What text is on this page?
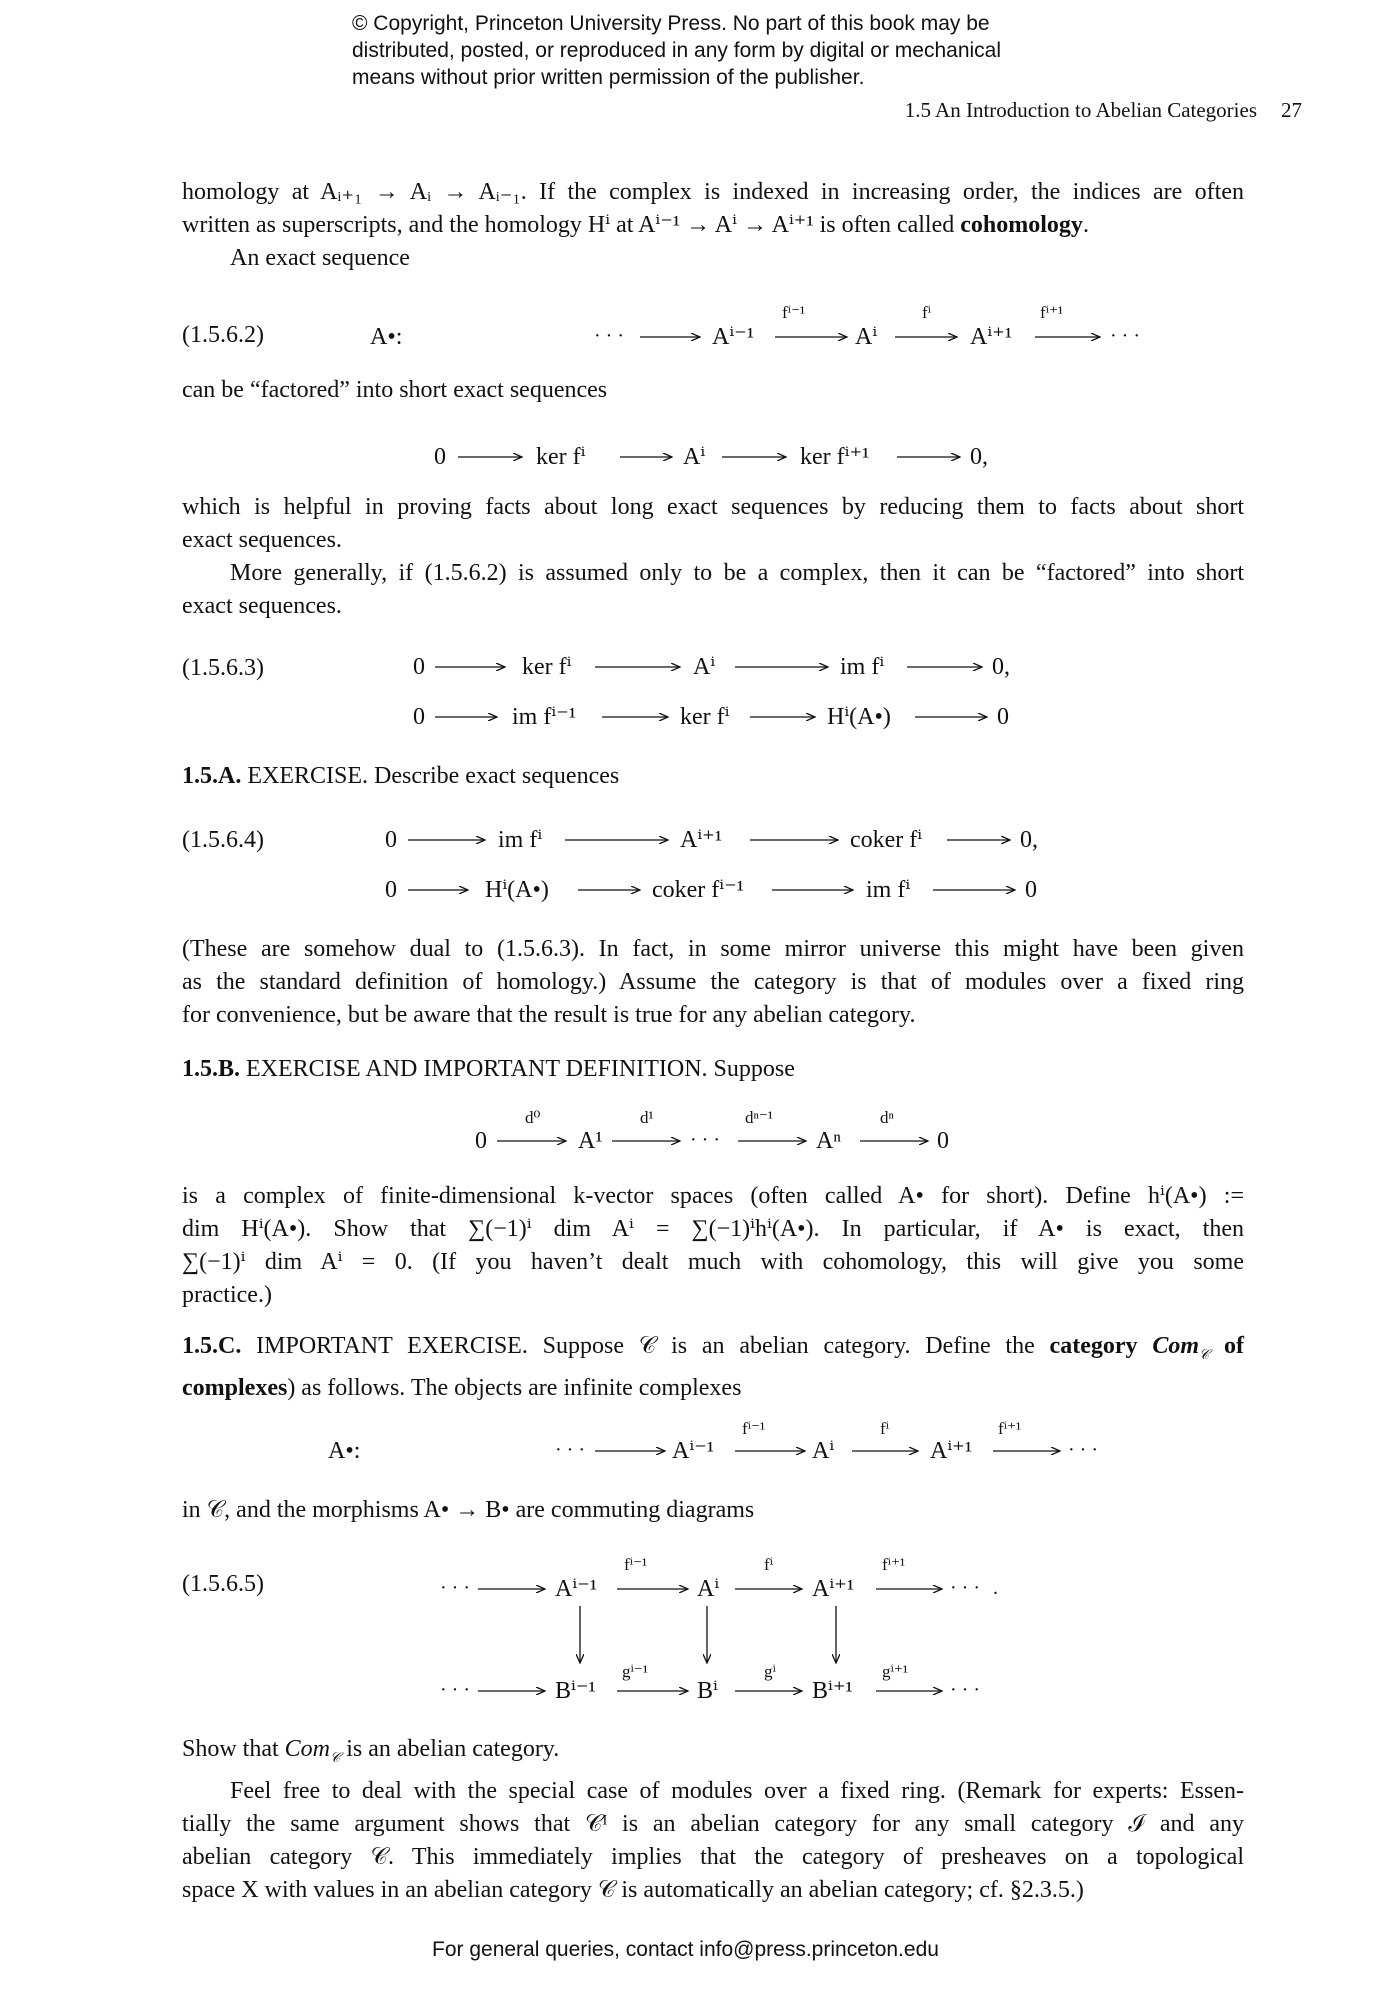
© Copyright, Princeton University Press. No part of this book may be
distributed, posted, or reproduced in any form by digital or mechanical
means without prior written permission of the publisher.
1.5 An Introduction to Abelian Categories 27
homology at Aᵢ₊₁ → Aᵢ → Aᵢ₋₁. If the complex is indexed in increasing order, the indices are often
written as superscripts, and the homology Hⁱ at Aⁱ⁻¹ → Aⁱ → Aⁱ⁺¹ is often called cohomology.
An exact sequence
(1.5.6.2)	A•:	· · ·	Aⁱ⁻¹
fⁱ⁻¹
Aⁱ
fⁱ
Aⁱ⁺¹
fⁱ⁺¹
· · ·
can be “factored” into short exact sequences
0	ker fⁱ	Aⁱ	ker fⁱ⁺¹	0,
which is helpful in proving facts about long exact sequences by reducing them to facts about short
exact sequences.
More generally, if (1.5.6.2) is assumed only to be a complex, then it can be “factored” into short
exact sequences.
(1.5.6.3)	0	ker fⁱ	Aⁱ	im fⁱ	0,
0	im fⁱ⁻¹	ker fⁱ	Hⁱ(A•)	0
1.5.A. EXERCISE. Describe exact sequences
(1.5.6.4)	0	im fⁱ	Aⁱ⁺¹	coker fⁱ	0,
0	Hⁱ(A•)	coker fⁱ⁻¹	im fⁱ	0
(These are somehow dual to (1.5.6.3). In fact, in some mirror universe this might have been given
as the standard definition of homology.) Assume the category is that of modules over a fixed ring
for convenience, but be aware that the result is true for any abelian category.
1.5.B. EXERCISE AND IMPORTANT DEFINITION. Suppose
0
d⁰
A¹
d¹
· · ·
dⁿ⁻¹
Aⁿ
dⁿ
0
is a complex of finite-dimensional k-vector spaces (often called A• for short). Define hⁱ(A•) :=
dim Hⁱ(A•). Show that ∑(−1)ⁱ dim Aⁱ = ∑(−1)ⁱhⁱ(A•). In particular, if A• is exact, then
∑(−1)ⁱ dim Aⁱ = 0. (If you haven’t dealt much with cohomology, this will give you some
practice.)
1.5.C. IMPORTANT EXERCISE. Suppose 𝒞 is an abelian category. Define the category Com$_𝒞$ of
complexes) as follows. The objects are infinite complexes
A•:	· · ·	Aⁱ⁻¹
fⁱ⁻¹
Aⁱ
fⁱ
Aⁱ⁺¹
fⁱ⁺¹
· · ·
in 𝒞, and the morphisms A• → B• are commuting diagrams
(1.5.6.5)	· · ·	Aⁱ⁻¹
fⁱ⁻¹
Aⁱ
fⁱ
Aⁱ⁺¹
fⁱ⁺¹
· · · .
· · ·	Bⁱ⁻¹
gⁱ⁻¹
Bⁱ
gⁱ
Bⁱ⁺¹
gⁱ⁺¹
· · ·
Show that Com$_𝒞$ is an abelian category.
Feel free to deal with the special case of modules over a fixed ring. (Remark for experts: Essen-
tially the same argument shows that 𝒞ᴵ is an abelian category for any small category ℐ and any
abelian category 𝒞. This immediately implies that the category of presheaves on a topological
space X with values in an abelian category 𝒞 is automatically an abelian category; cf. §2.3.5.)
For general queries, contact info@press.princeton.edu
